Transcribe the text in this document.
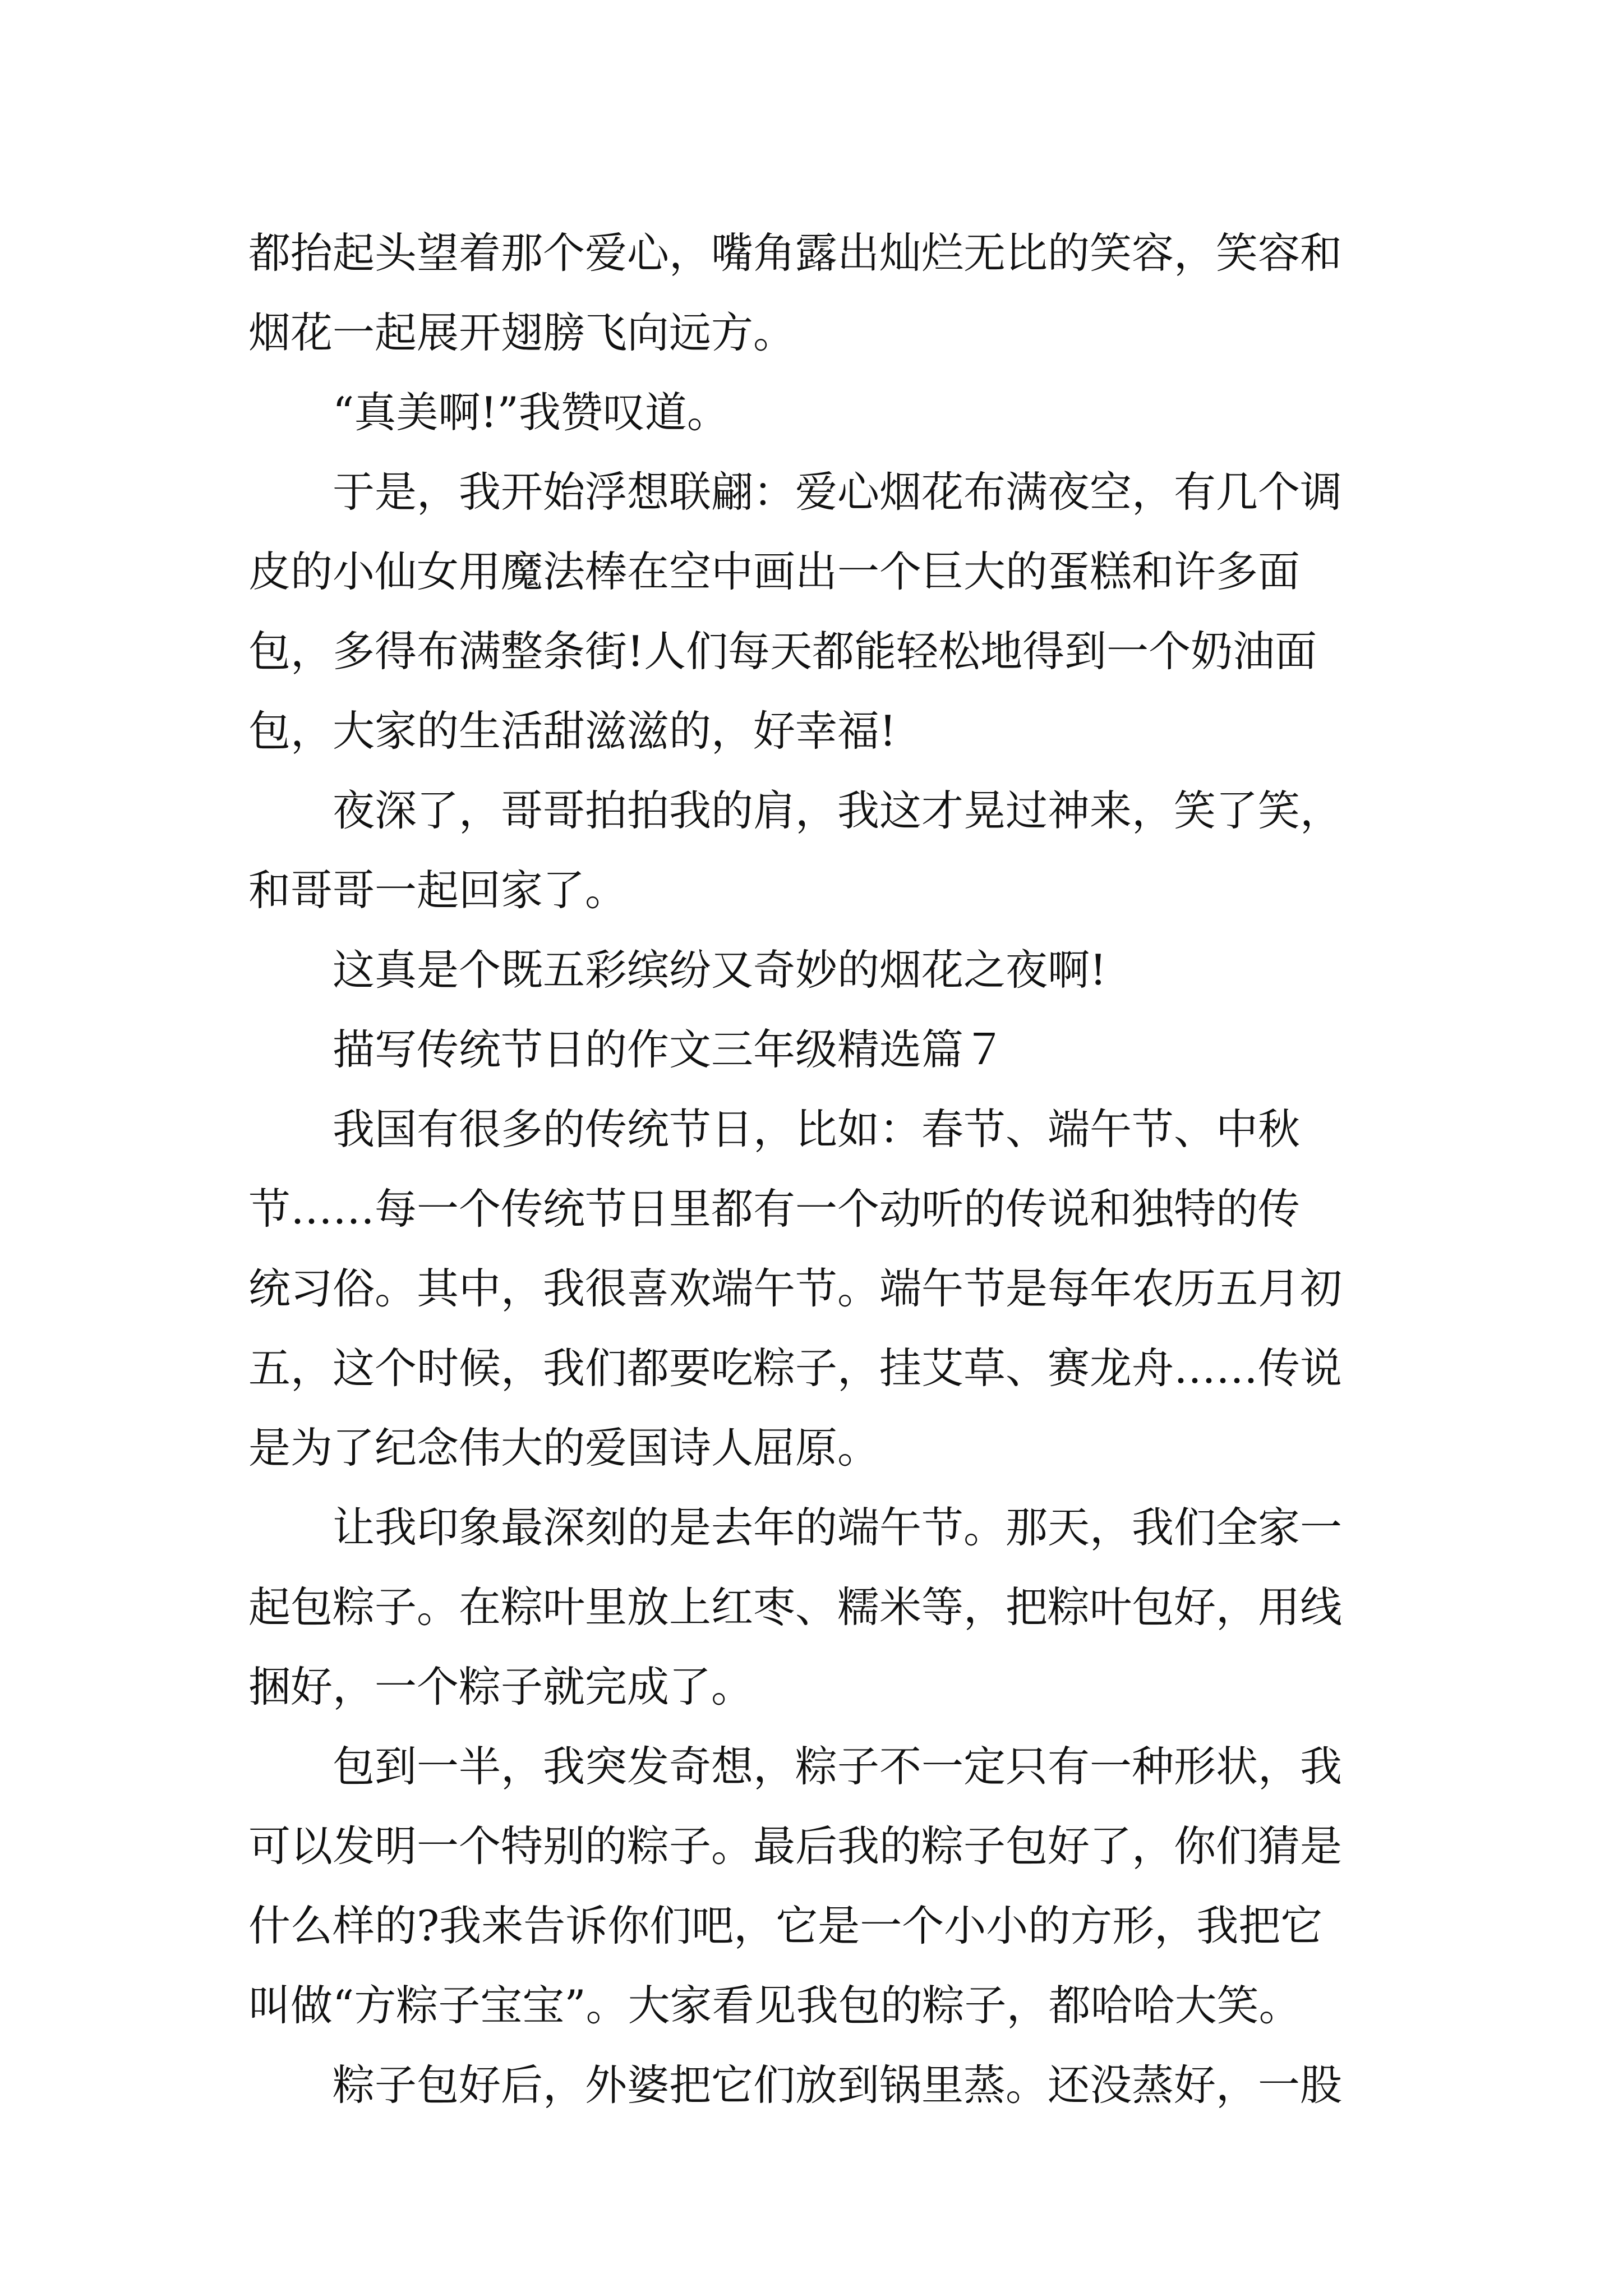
都抬起头望着那个爱心，嘴角露出灿烂无比的笑容，笑容和
烟花一起展开翅膀飞向远方。
“真美啊!”我赞叹道。
于是，我开始浮想联翩：爱心烟花布满夜空，有几个调
皮的小仙女用魔法棒在空中画出一个巨大的蛋糕和许多面
包，多得布满整条街!人们每天都能轻松地得到一个奶油面
包，大家的生活甜滋滋的，好幸福!
夜深了，哥哥拍拍我的肩，我这才晃过神来，笑了笑，
和哥哥一起回家了。
这真是个既五彩缤纷又奇妙的烟花之夜啊!
描写传统节日的作文三年级精选篇７
我国有很多的传统节日，比如：春节、端午节、中秋
节……每一个传统节日里都有一个动听的传说和独特的传
统习俗。其中，我很喜欢端午节。端午节是每年农历五月初
五，这个时候，我们都要吃粽子，挂艾草、赛龙舟……传说
是为了纪念伟大的爱国诗人屈原。
让我印象最深刻的是去年的端午节。那天，我们全家一
起包粽子。在粽叶里放上红枣、糯米等，把粽叶包好，用线
捆好，一个粽子就完成了。
包到一半，我突发奇想，粽子不一定只有一种形状，我
可以发明一个特别的粽子。最后我的粽子包好了，你们猜是
什么样的?我来告诉你们吧，它是一个小小的方形，我把它
叫做“方粽子宝宝”。大家看见我包的粽子，都哈哈大笑。
粽子包好后，外婆把它们放到锅里蒸。还没蒸好，一股
